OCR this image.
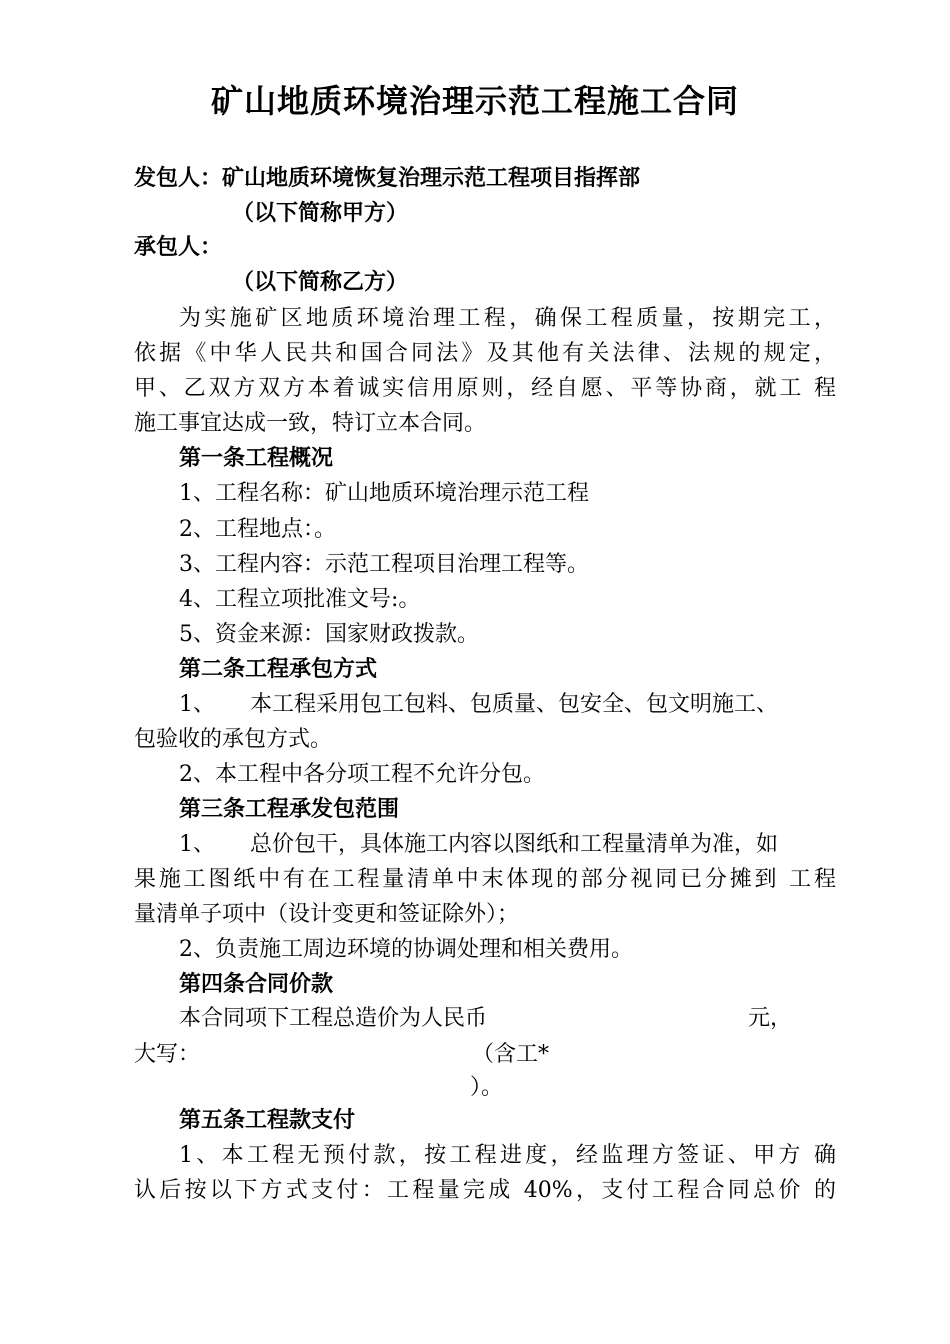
矿山地质环境治理示范工程施工合同
发包人：矿山地质环境恢复治理示范工程项目指挥部
（以下简称甲方）
承包人：
（以下简称乙方）
为实施矿区地质环境治理工程，确保工程质量，按期完工，
依据《中华人民共和国合同法》及其他有关法律、法规的规定，
甲、乙双方双方本着诚实信用原则，经自愿、平等协商，就工 程
施工事宜达成一致，特订立本合同。
第一条工程概况
1、工程名称：矿山地质环境治理示范工程
2、工程地点：。
3、工程内容：示范工程项目治理工程等。
4、工程立项批准文号:。
5、资金来源：国家财政拨款。
第二条工程承包方式
1、 本工程采用包工包料、包质量、包安全、包文明施工、
包验收的承包方式。
2、本工程中各分项工程不允许分包。
第三条工程承发包范围
1、 总价包干，具体施工内容以图纸和工程量清单为准，如
果施工图纸中有在工程量清单中末体现的部分视同已分摊到 工程
量清单子项中（设计变更和签证除外）；
2、负责施工周边环境的协调处理和相关费用。
第四条合同价款
本合同项下工程总造价为人民币	元，
大写：	（含工*
）。
第五条工程款支付
1、本工程无预付款，按工程进度，经监理方签证、甲方 确
认后按以下方式支付：工程量完成 40%，支付工程合同总价 的
